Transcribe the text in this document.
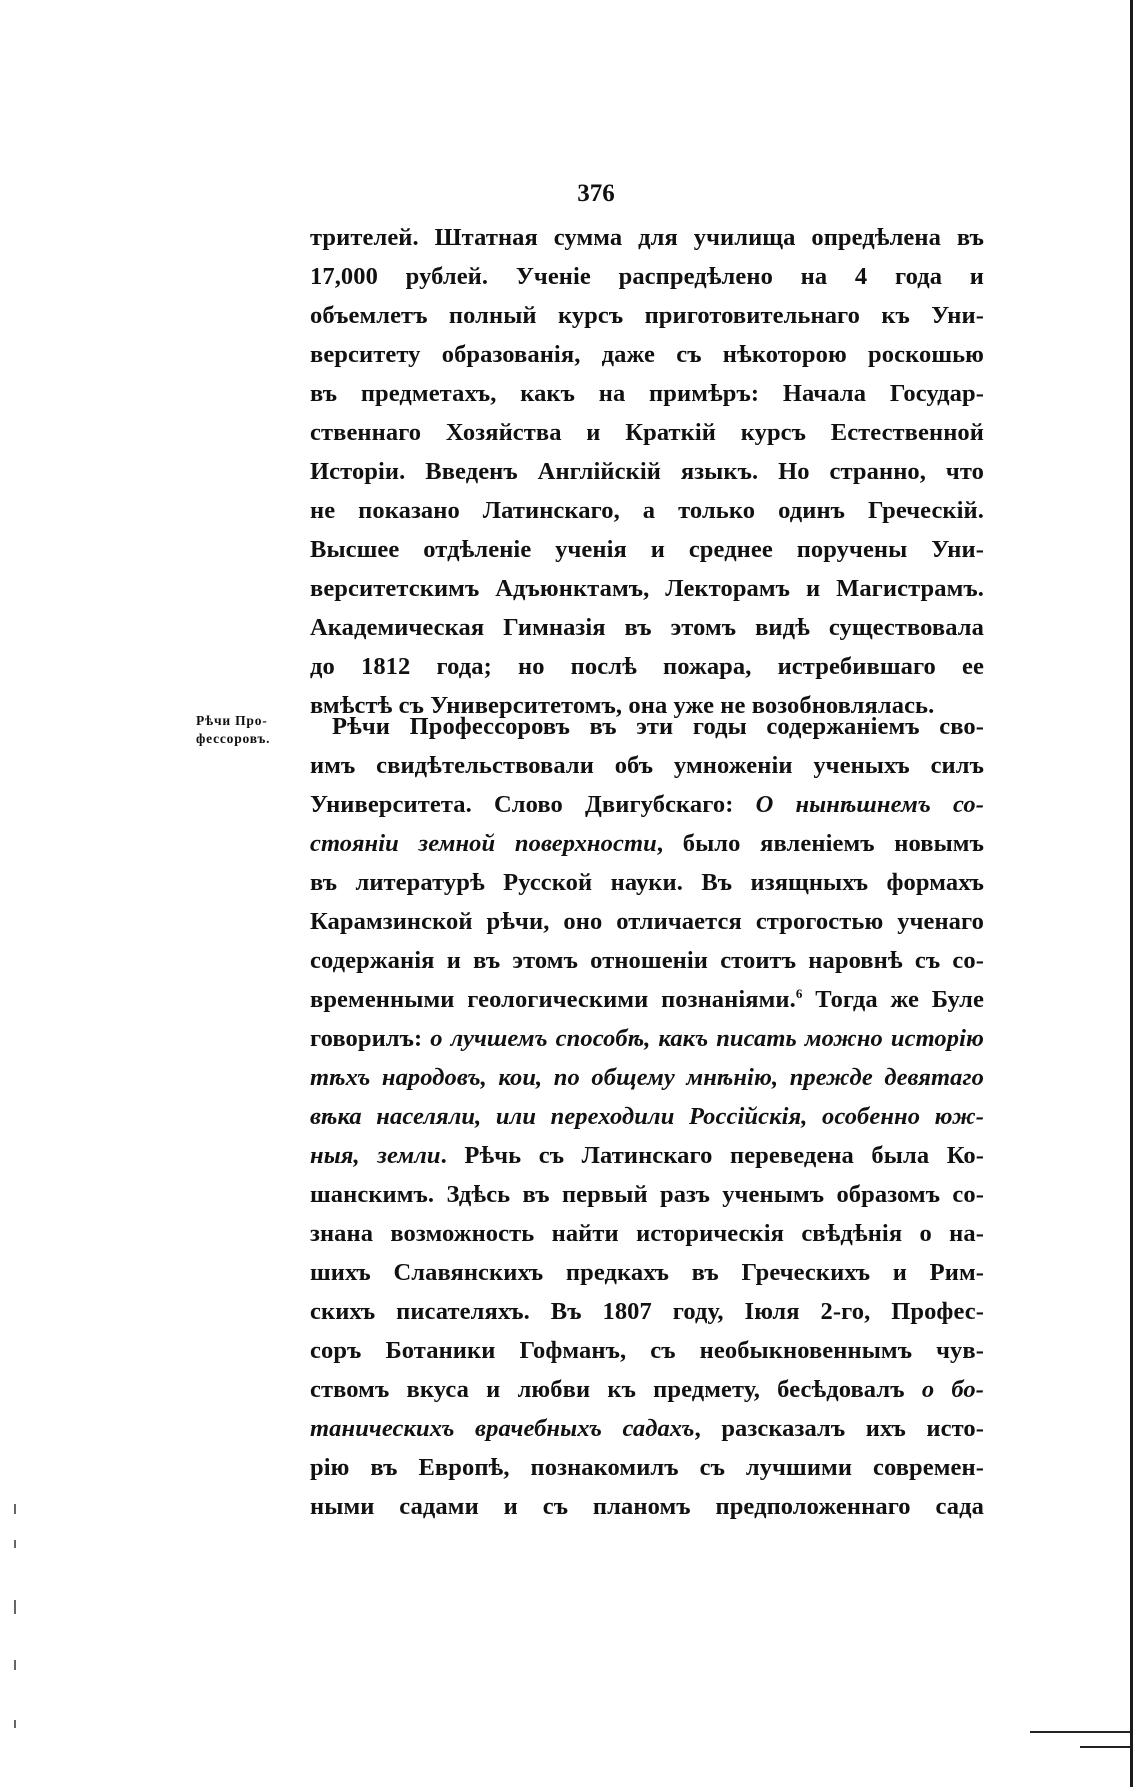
376
трителей. Штатная сумма для училища опредѣлена въ
17,000 рублей. Ученіе распредѣлено на 4 года и
объемлетъ полный курсъ приготовительнаго къ Уни-
верситету образованія, даже съ нѣкоторою роскошью
въ предметахъ, какъ на примѣръ: Начала Государ-
ственнаго Хозяйства и Краткій курсъ Естественной
Исторіи. Введенъ Англійскій языкъ. Но странно, что
не показано Латинскаго, а только одинъ Греческій.
Высшее отдѣленіе ученія и среднее поручены Уни-
верситетскимъ Адъюнктамъ, Лекторамъ и Магистрамъ.
Академическая Гимназія въ этомъ видѣ существовала
до 1812 года; но послѣ пожара, истребившаго ее
вмѣстѣ съ Университетомъ, она уже не возобновлялась.
Рѣчи Про-
фессоровъ.	Рѣчи Профессоровъ въ эти годы содержаніемъ сво-
имъ свидѣтельствовали объ умноженіи ученыхъ силъ
Университета. Слово Двигубскаго: О нынѣшнемъ со-
стояніи земной поверхности, было явленіемъ новымъ
въ литературѣ Русской науки. Въ изящныхъ формахъ
Карамзинской рѣчи, оно отличается строгостью ученаго
содержанія и въ этомъ отношеніи стоитъ наровнѣ съ со-
временными геологическими познаніями.$^6$ Тогда же Буле
говорилъ: о лучшемъ способѣ, какъ писать можно исторію
тѣхъ народовъ, кои, по общему мнѣнію, прежде девятаго
вѣка населяли, или переходили Россійскія, особенно юж-
ныя, земли. Рѣчь съ Латинскаго переведена была Ко-
шанскимъ. Здѣсь въ первый разъ ученымъ образомъ со-
знана возможность найти историческія свѣдѣнія о на-
шихъ Славянскихъ предкахъ въ Греческихъ и Рим-
скихъ писателяхъ. Въ 1807 году, Іюля 2-го, Профес-
соръ Ботаники Гофманъ, съ необыкновеннымъ чув-
ствомъ вкуса и любви къ предмету, бесѣдовалъ о бо-
таническихъ врачебныхъ садахъ, разсказалъ ихъ исто-
рію въ Европѣ, познакомилъ съ лучшими современ-
ными садами и съ планомъ предположеннаго сада
